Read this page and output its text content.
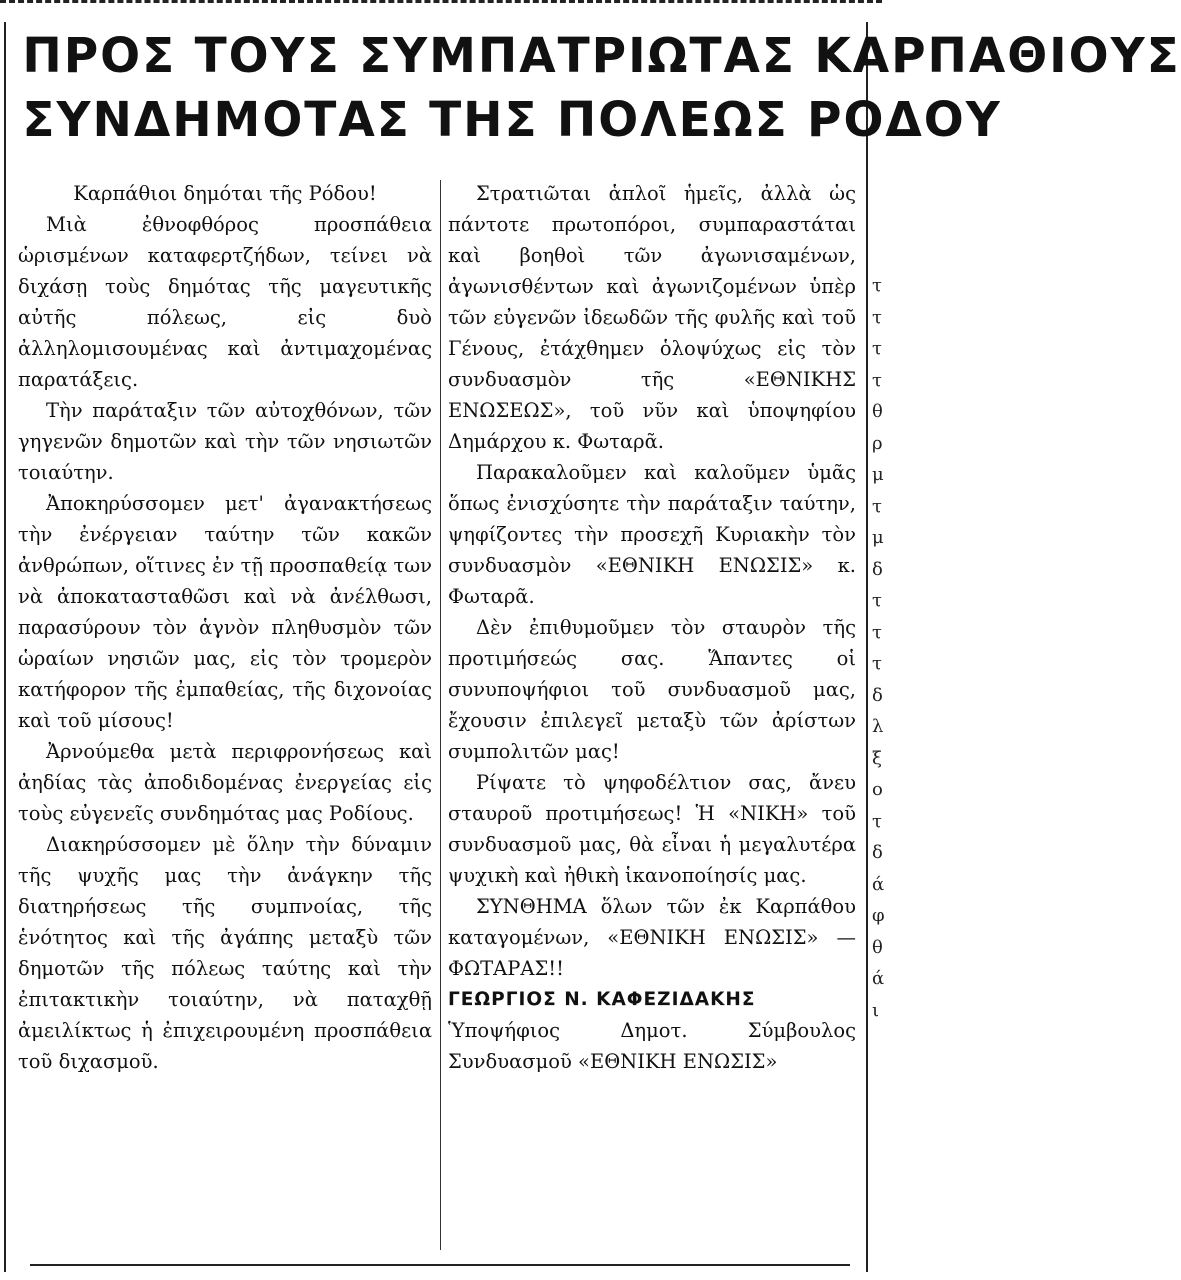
ΠΡΟΣ ΤΟΥΣ ΣΥΜΠΑΤΡΙΩΤΑΣ ΚΑΡΠΑΘΙΟΥΣ
ΣΥΝΔΗΜΟΤΑΣ ΤΗΣ ΠΟΛΕΩΣ ΡΟΔΟΥ

Καρπάθιοι δημόται τῆς Ρόδου!

Μιὰ ἐθνοφθόρος προσπάθεια ὡρισμένων καταφερτζήδων, τείνει νὰ διχάσῃ τοὺς δημότας τῆς μαγευτικῆς αὐτῆς πόλεως, εἰς δυὸ ἀλληλομισουμένας καὶ ἀντιμαχομένας παρατάξεις.

Τὴν παράταξιν τῶν αὐτοχθόνων, τῶν γηγενῶν δημοτῶν καὶ τὴν τῶν νησιωτῶν τοιαύτην.

Ἀποκηρύσσομεν μετ' ἀγανακτήσεως τὴν ἐνέργειαν ταύτην τῶν κακῶν ἀνθρώπων, οἵτινες ἐν τῇ προσπαθείᾳ των νὰ ἀποκατασταθῶσι καὶ νὰ ἀνέλθωσι, παρασύρουν τὸν ἁγνὸν πληθυσμὸν τῶν ὡραίων νησιῶν μας, εἰς τὸν τρομερὸν κατήφορον τῆς ἐμπαθείας, τῆς διχονοίας καὶ τοῦ μίσους!

Ἀρνούμεθα μετὰ περιφρονήσεως καὶ ἀηδίας τὰς ἀποδιδομένας ἐνεργείας εἰς τοὺς εὐγενεῖς συνδημότας μας Ροδίους.

Διακηρύσσομεν μὲ ὅλην τὴν δύναμιν τῆς ψυχῆς μας τὴν ἀνάγκην τῆς διατηρήσεως τῆς συμπνοίας, τῆς ἑνότητος καὶ τῆς ἀγάπης μεταξὺ τῶν δημοτῶν τῆς πόλεως ταύτης καὶ τὴν ἐπιτακτικὴν τοιαύτην, νὰ παταχθῇ ἀμειλίκτως ἡ ἐπιχειρουμένη προσπάθεια τοῦ διχασμοῦ.

Στρατιῶται ἁπλοῖ ἡμεῖς, ἀλλὰ ὡς πάντοτε πρωτοπόροι, συμπαραστάται καὶ βοηθοὶ τῶν ἀγωνισαμένων, ἀγωνισθέντων καὶ ἀγωνιζομένων ὑπὲρ τῶν εὐγενῶν ἰδεωδῶν τῆς φυλῆς καὶ τοῦ Γένους, ἐτάχθημεν ὁλοψύχως εἰς τὸν συνδυασμὸν τῆς «ΕΘΝΙΚΗΣ ΕΝΩΣΕΩΣ», τοῦ νῦν καὶ ὑποψηφίου Δημάρχου κ. Φωταρᾶ.

Παρακαλοῦμεν καὶ καλοῦμεν ὑμᾶς ὅπως ἐνισχύσητε τὴν παράταξιν ταύτην, ψηφίζοντες τὴν προσεχῆ Κυριακὴν τὸν συνδυασμὸν «ΕΘΝΙΚΗ ΕΝΩΣΙΣ» κ. Φωταρᾶ.

Δὲν ἐπιθυμοῦμεν τὸν σταυρὸν τῆς προτιμήσεώς σας. Ἅπαντες οἱ συνυποψήφιοι τοῦ συνδυασμοῦ μας, ἔχουσιν ἐπιλεγεῖ μεταξὺ τῶν ἀρίστων συμπολιτῶν μας!

Ρίψατε τὸ ψηφοδέλτιον σας, ἄνευ σταυροῦ προτιμήσεως! Ἡ «ΝΙΚΗ» τοῦ συνδυασμοῦ μας, θὰ εἶναι ἡ μεγαλυτέρα ψυχικὴ καὶ ἠθικὴ ἱκανοποίησίς μας.

ΣΥΝΘΗΜΑ ὅλων τῶν ἐκ Καρπάθου καταγομένων, «ΕΘΝΙΚΗ ΕΝΩΣΙΣ» — ΦΩΤΑΡΑΣ!!

ΓΕΩΡΓΙΟΣ Ν. ΚΑΦΕΖΙΔΑΚΗΣ

Ὑποψήφιος Δημοτ. Σύμβουλος Συνδυασμοῦ «ΕΘΝΙΚΗ ΕΝΩΣΙΣ»

τ
τ
τ
τ
θ
ρ
μ
τ
μ
δ
τ
τ
τ
δ
λ
ξ
ο
τ
δ
ά
φ
θ
ά
ι
